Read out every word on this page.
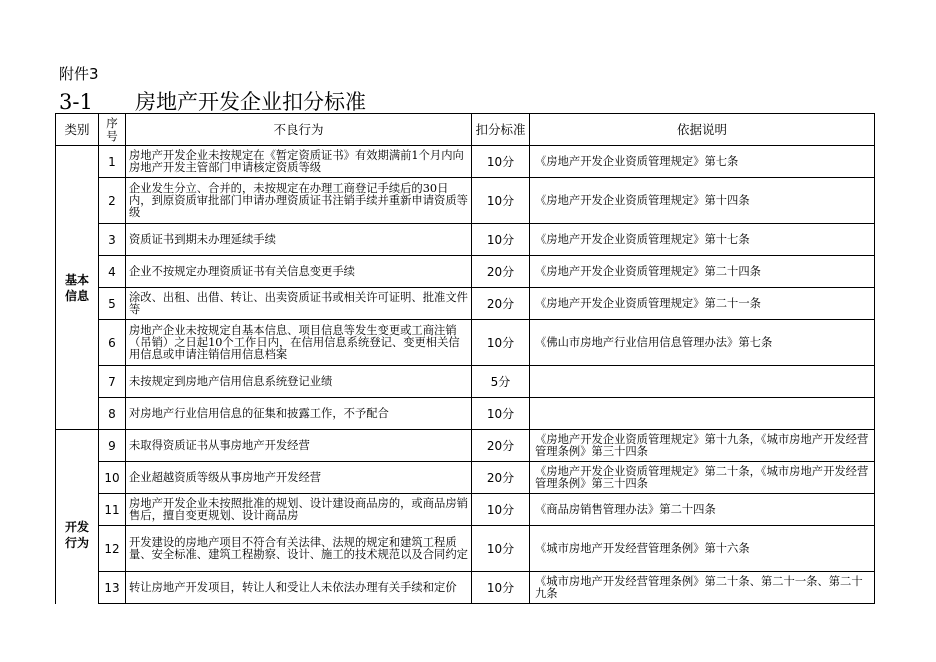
附件3
3-1 房地产开发企业扣分标准
类别	序号	不良行为	扣分标准	依据说明

基本信息	1	房地产开发企业未按规定在《暂定资质证书》有效期满前1个月内向房地产开发主管部门申请核定资质等级	10分	《房地产开发企业资质管理规定》第七条
	2	企业发生分立、合并的，未按规定在办理工商登记手续后的30日内，到原资质审批部门申请办理资质证书注销手续并重新申请资质等级	10分	《房地产开发企业资质管理规定》第十四条
	3	资质证书到期未办理延续手续	10分	《房地产开发企业资质管理规定》第十七条
	4	企业不按规定办理资质证书有关信息变更手续	20分	《房地产开发企业资质管理规定》第二十四条
	5	涂改、出租、出借、转让、出卖资质证书或相关许可证明、批准文件等	20分	《房地产开发企业资质管理规定》第二十一条
	6	房地产企业未按规定自基本信息、项目信息等发生变更或工商注销（吊销）之日起10个工作日内，在信用信息系统登记、变更相关信用信息或申请注销信用信息档案	10分	《佛山市房地产行业信用信息管理办法》第七条
	7	未按规定到房地产信用信息系统登记业绩	5分	
	8	对房地产行业信用信息的征集和披露工作，不予配合	10分	

开发行为	9	未取得资质证书从事房地产开发经营	20分	《房地产开发企业资质管理规定》第十九条，《城市房地产开发经营管理条例》第三十四条
	10	企业超越资质等级从事房地产开发经营	20分	《房地产开发企业资质管理规定》第二十条，《城市房地产开发经营管理条例》第三十四条
	11	房地产开发企业未按照批准的规划、设计建设商品房的，或商品房销售后，擅自变更规划、设计商品房	10分	《商品房销售管理办法》第二十四条
	12	开发建设的房地产项目不符合有关法律、法规的规定和建筑工程质量、安全标准、建筑工程勘察、设计、施工的技术规范以及合同约定	10分	《城市房地产开发经营管理条例》第十六条
	13	转让房地产开发项目，转让人和受让人未依法办理有关手续和定价	10分	《城市房地产开发经营管理条例》第二十条、第二十一条、第二十九条
